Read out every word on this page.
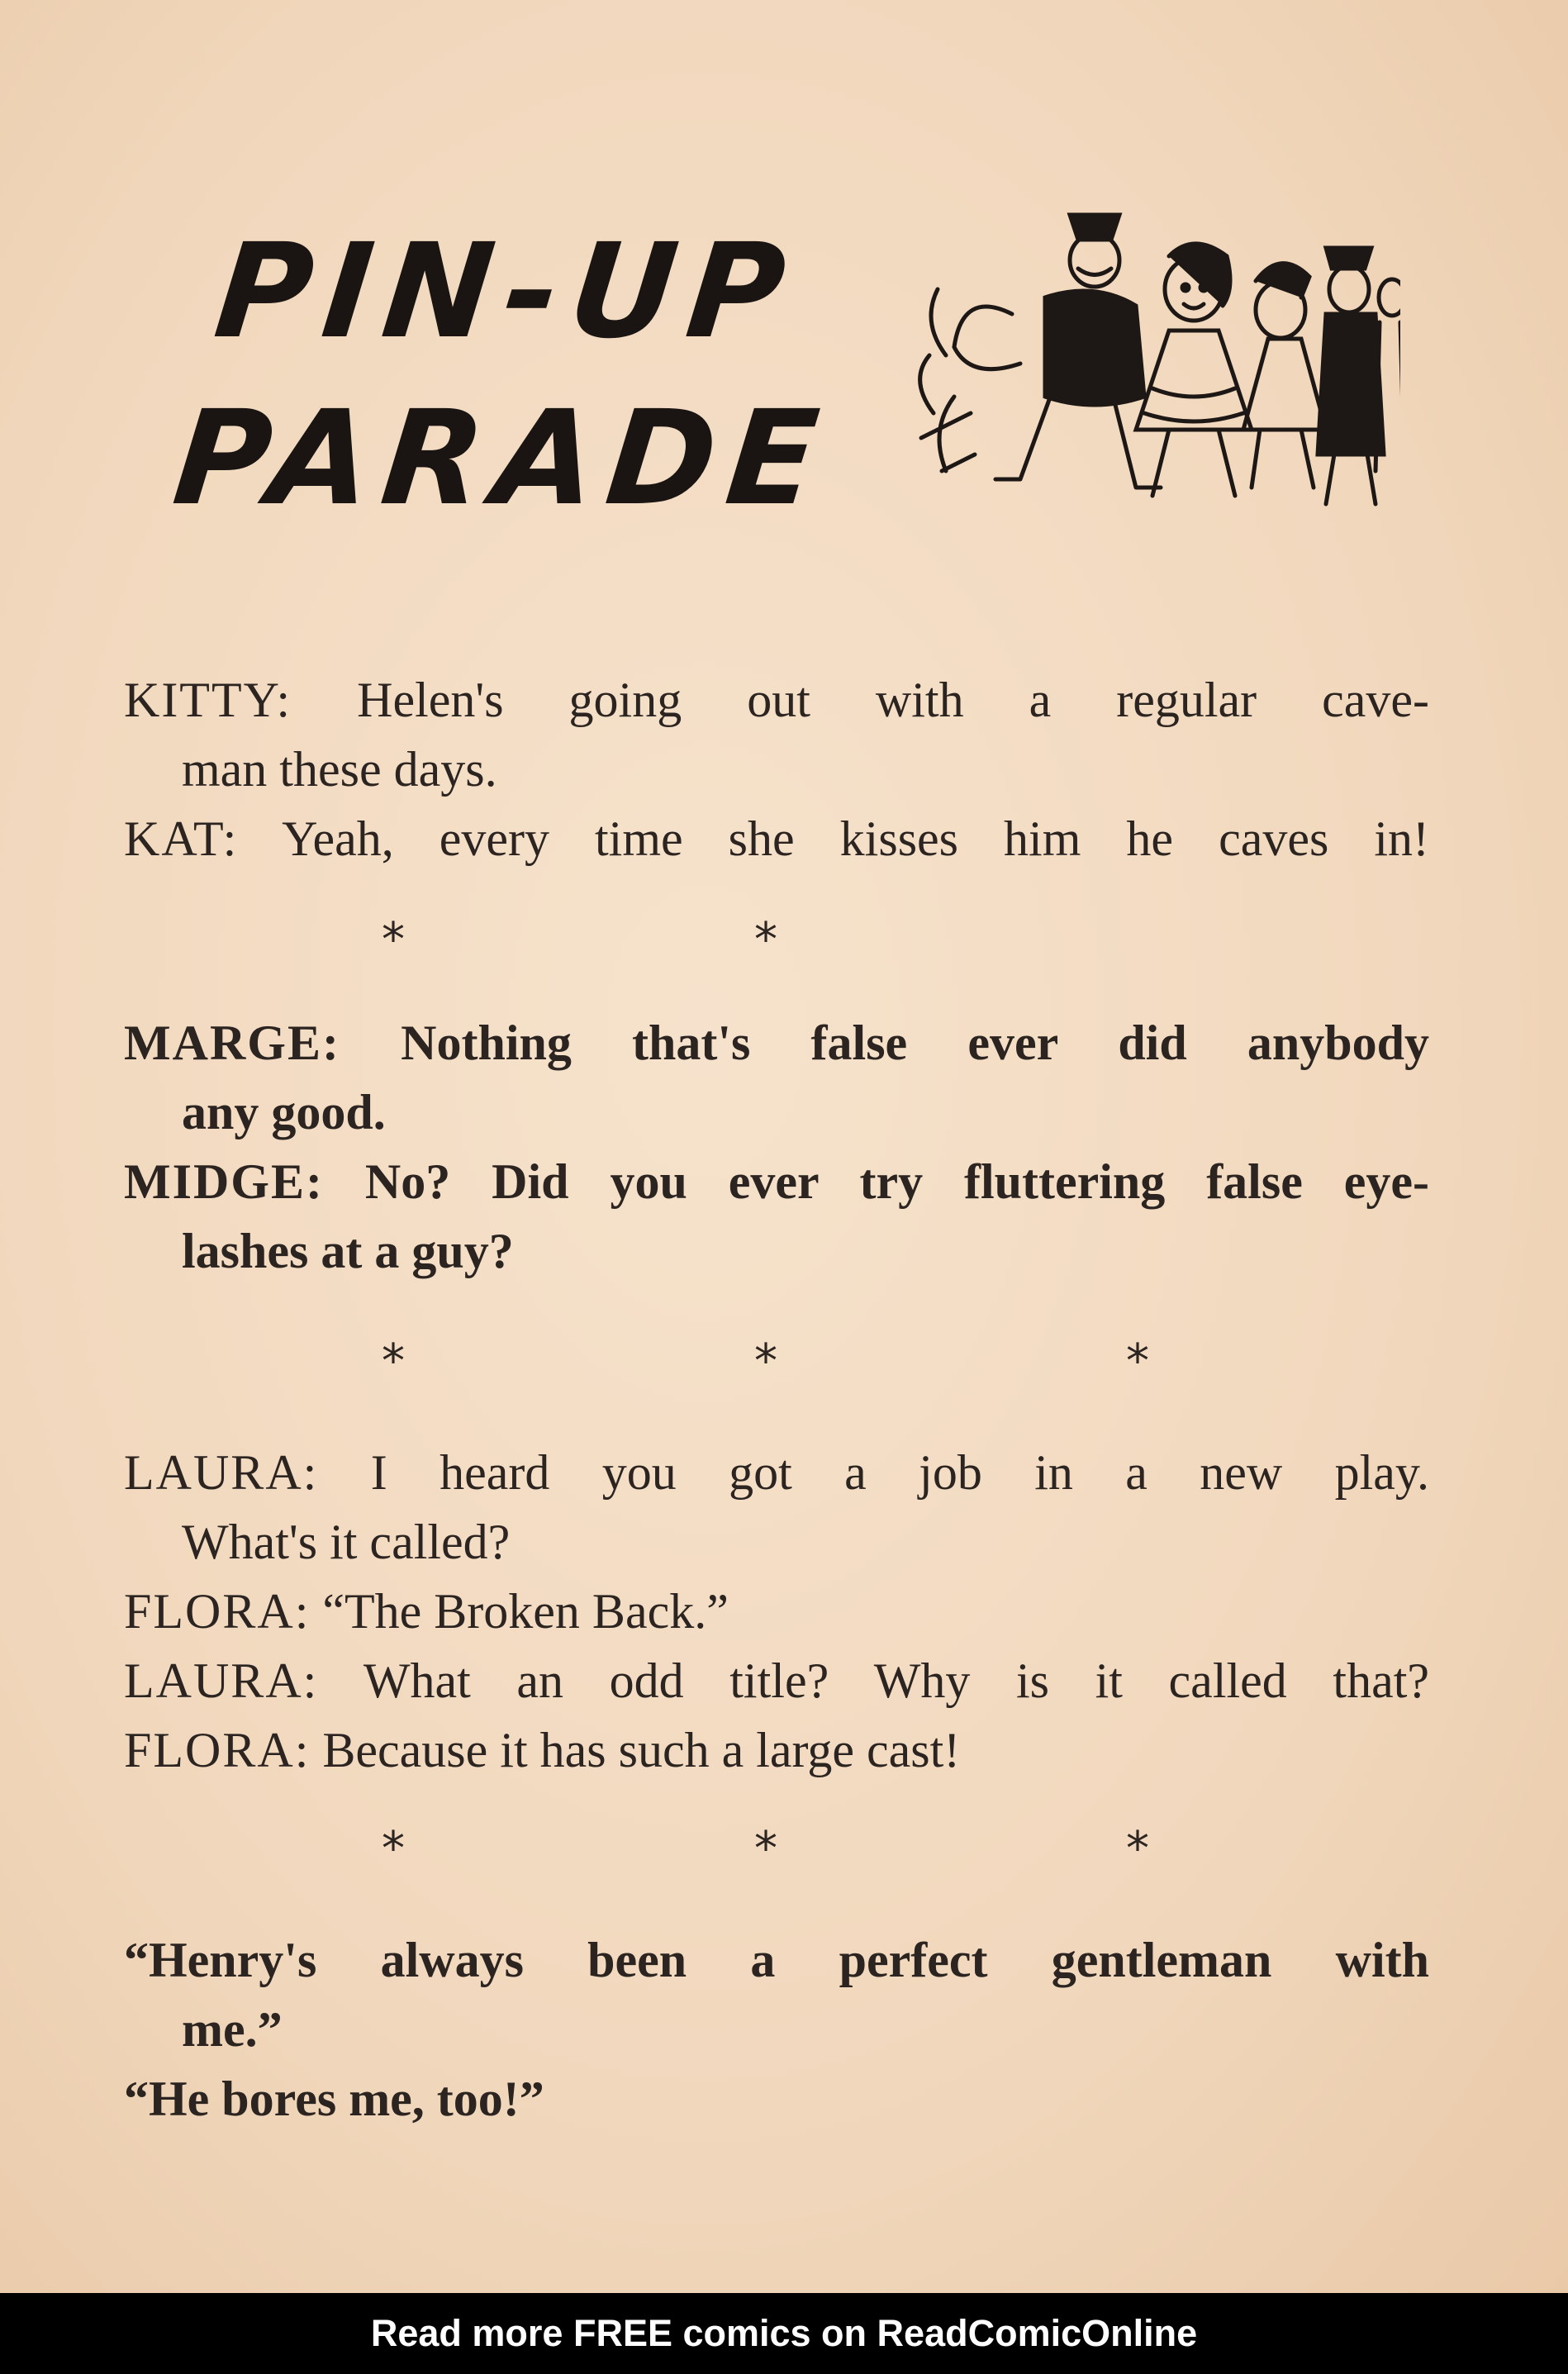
PIN-UP
PARADE
KITTY: Helen's going out with a regular cave-
man these days.
KAT: Yeah, every time she kisses him he caves in!
*	*
MARGE: Nothing that's false ever did anybody
any good.
MIDGE: No? Did you ever try fluttering false eye-
lashes at a guy?
*	*	*
LAURA: I heard you got a job in a new play.
What's it called?
FLORA: “The Broken Back.”
LAURA: What an odd title? Why is it called that?
FLORA: Because it has such a large cast!
*	*	*
“Henry's always been a perfect gentleman with
me.”
“He bores me, too!”
Read more FREE comics on ReadComicOnline
